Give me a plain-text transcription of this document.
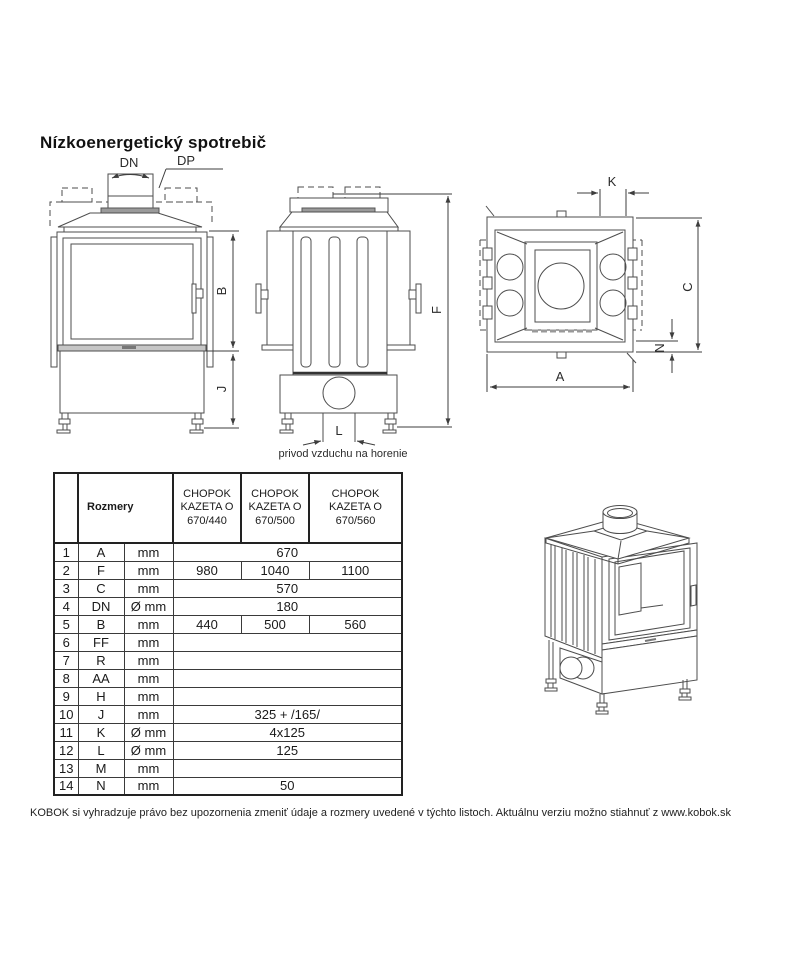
Nízkoenergetický spotrebič
DN	DP
B
J
F
L
privod vzduchu na horenie
K
C
N
A
	Rozmery		CHOPOK KAZETA O 670/440	CHOPOK KAZETA O 670/500	CHOPOK KAZETA O 670/560
1	A	mm	670		
2	F	mm	980	1040	1100
3	C	mm	570		
4	DN	Ø mm	180		
5	B	mm	440	500	560
6	FF	mm			
7	R	mm			
8	AA	mm			
9	H	mm			
10	J	mm	325 + /165/		
11	K	Ø mm	4x125		
12	L	Ø mm	125		
13	M	mm			
14	N	mm	50		
KOBOK si vyhradzuje právo bez upozornenia zmeniť údaje a rozmery uvedené v týchto listoch. Aktuálnu verziu možno stiahnuť z www.kobok.sk
